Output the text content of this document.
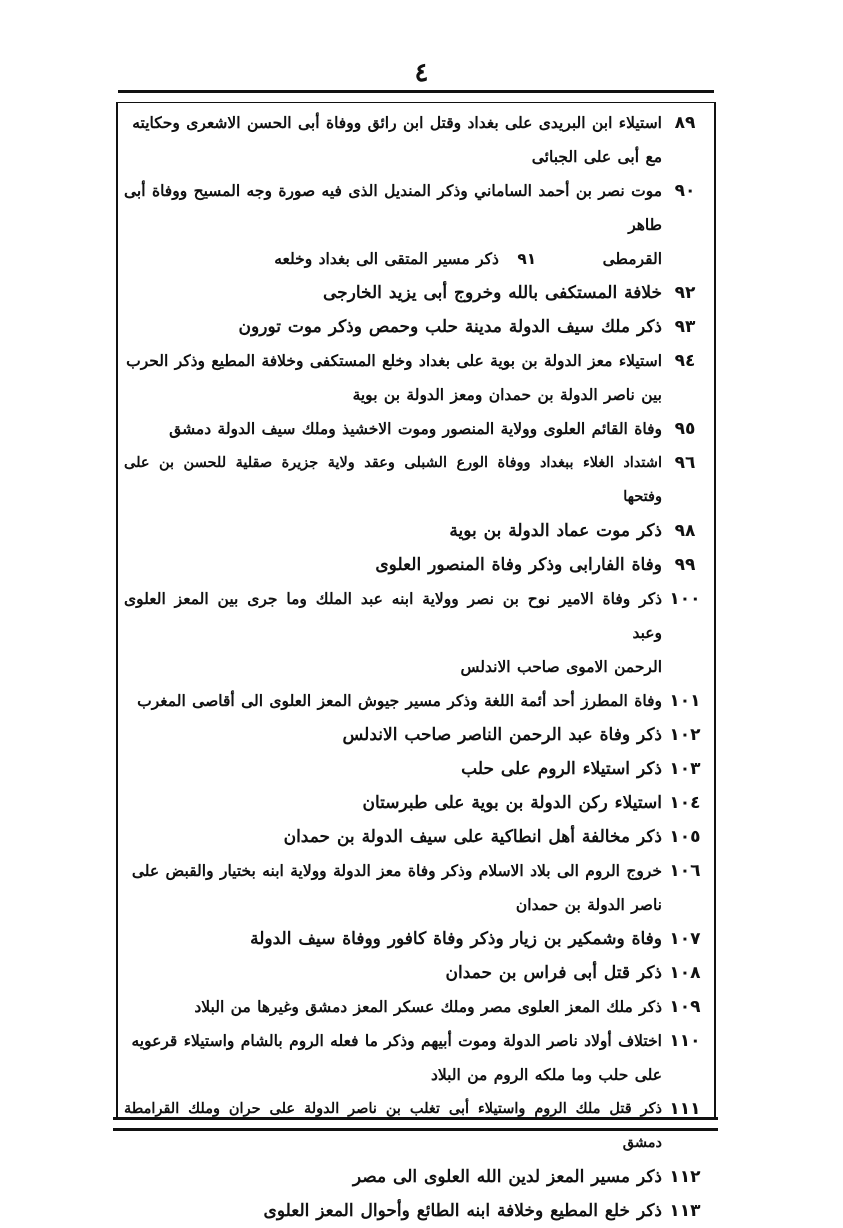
٤
٨٩
استيلاء ابن البريدى على بغداد وقتل ابن رائق ووفاة أبى الحسن الاشعرى وحكايته
مع أبى على الجبائى
٩٠
موت نصر بن أحمد الساماني وذكر المنديل الذى فيه صورة وجه المسيح ووفاة أبى طاهر
القرمطى ٩١ ذكر مسير المتقى الى بغداد وخلعه
٩٢
خلافة المستكفى بالله وخروج أبى يزيد الخارجى
٩٣
ذكر ملك سيف الدولة مدينة حلب وحمص وذكر موت تورون
٩٤
استيلاء معز الدولة بن بوية على بغداد وخلع المستكفى وخلافة المطيع وذكر الحرب
بين ناصر الدولة بن حمدان ومعز الدولة بن بوية
٩٥
وفاة القائم العلوى وولاية المنصور وموت الاخشيذ وملك سيف الدولة دمشق
٩٦
اشتداد الغلاء ببغداد ووفاة الورع الشبلى وعقد ولاية جزيرة صقلية للحسن بن على وفتحها
٩٨
ذكر موت عماد الدولة بن بوية
٩٩
وفاة الفارابى وذكر وفاة المنصور العلوى
١٠٠
ذكر وفاة الامير نوح بن نصر وولاية ابنه عبد الملك وما جرى بين المعز العلوى وعبد
الرحمن الاموى صاحب الاندلس
١٠١
وفاة المطرز أحد أئمة اللغة وذكر مسير جيوش المعز العلوى الى أقاصى المغرب
١٠٢
ذكر وفاة عبد الرحمن الناصر صاحب الاندلس
١٠٣
ذكر استيلاء الروم على حلب
١٠٤
استيلاء ركن الدولة بن بوية على طبرستان
١٠٥
ذكر مخالفة أهل انطاكية على سيف الدولة بن حمدان
١٠٦
خروج الروم الى بلاد الاسلام وذكر وفاة معز الدولة وولاية ابنه بختيار والقبض على
ناصر الدولة بن حمدان
١٠٧
وفاة وشمكير بن زيار وذكر وفاة كافور ووفاة سيف الدولة
١٠٨
ذكر قتل أبى فراس بن حمدان
١٠٩
ذكر ملك المعز العلوى مصر وملك عسكر المعز دمشق وغيرها من البلاد
١١٠
اختلاف أولاد ناصر الدولة وموت أبيهم وذكر ما فعله الروم بالشام واستيلاء قرعويه
على حلب وما ملكه الروم من البلاد
١١١
ذكر قتل ملك الروم واستيلاء أبى تغلب بن ناصر الدولة على حران وملك القرامطة دمشق
١١٢
ذكر مسير المعز لدين الله العلوى الى مصر
١١٣
ذكر خلع المطيع وخلافة ابنه الطائع وأحوال المعز العلوى
